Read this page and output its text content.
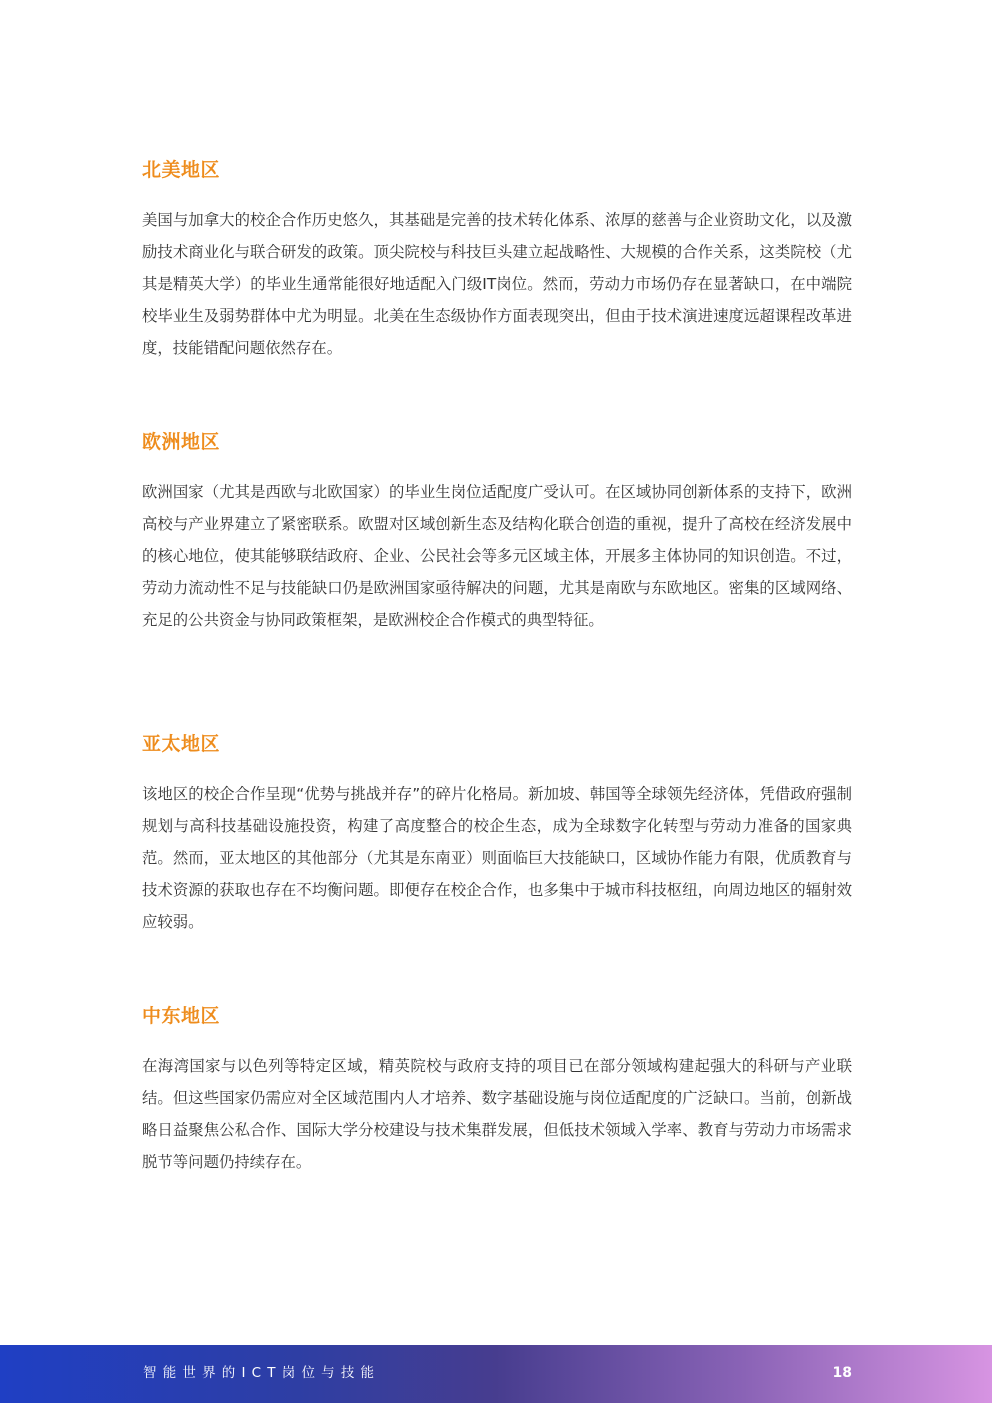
北美地区

美国与加拿大的校企合作历史悠久，其基础是完善的技术转化体系、浓厚的慈善与企业资助文化，以及激励技术商业化与联合研发的政策。顶尖院校与科技巨头建立起战略性、大规模的合作关系，这类院校（尤其是精英大学）的毕业生通常能很好地适配入门级IT岗位。然而，劳动力市场仍存在显著缺口，在中端院校毕业生及弱势群体中尤为明显。北美在生态级协作方面表现突出，但由于技术演进速度远超课程改革进度，技能错配问题依然存在。

欧洲地区

欧洲国家（尤其是西欧与北欧国家）的毕业生岗位适配度广受认可。在区域协同创新体系的支持下，欧洲高校与产业界建立了紧密联系。欧盟对区域创新生态及结构化联合创造的重视，提升了高校在经济发展中的核心地位，使其能够联结政府、企业、公民社会等多元区域主体，开展多主体协同的知识创造。不过，劳动力流动性不足与技能缺口仍是欧洲国家亟待解决的问题，尤其是南欧与东欧地区。密集的区域网络、充足的公共资金与协同政策框架，是欧洲校企合作模式的典型特征。

亚太地区

该地区的校企合作呈现“优势与挑战并存”的碎片化格局。新加坡、韩国等全球领先经济体，凭借政府强制规划与高科技基础设施投资，构建了高度整合的校企生态，成为全球数字化转型与劳动力准备的国家典范。然而，亚太地区的其他部分（尤其是东南亚）则面临巨大技能缺口，区域协作能力有限，优质教育与技术资源的获取也存在不均衡问题。即便存在校企合作，也多集中于城市科技枢纽，向周边地区的辐射效应较弱。

中东地区

在海湾国家与以色列等特定区域，精英院校与政府支持的项目已在部分领域构建起强大的科研与产业联结。但这些国家仍需应对全区域范围内人才培养、数字基础设施与岗位适配度的广泛缺口。当前，创新战略日益聚焦公私合作、国际大学分校建设与技术集群发展，但低技术领域入学率、教育与劳动力市场需求脱节等问题仍持续存在。

智能世界的ICT岗位与技能	18
